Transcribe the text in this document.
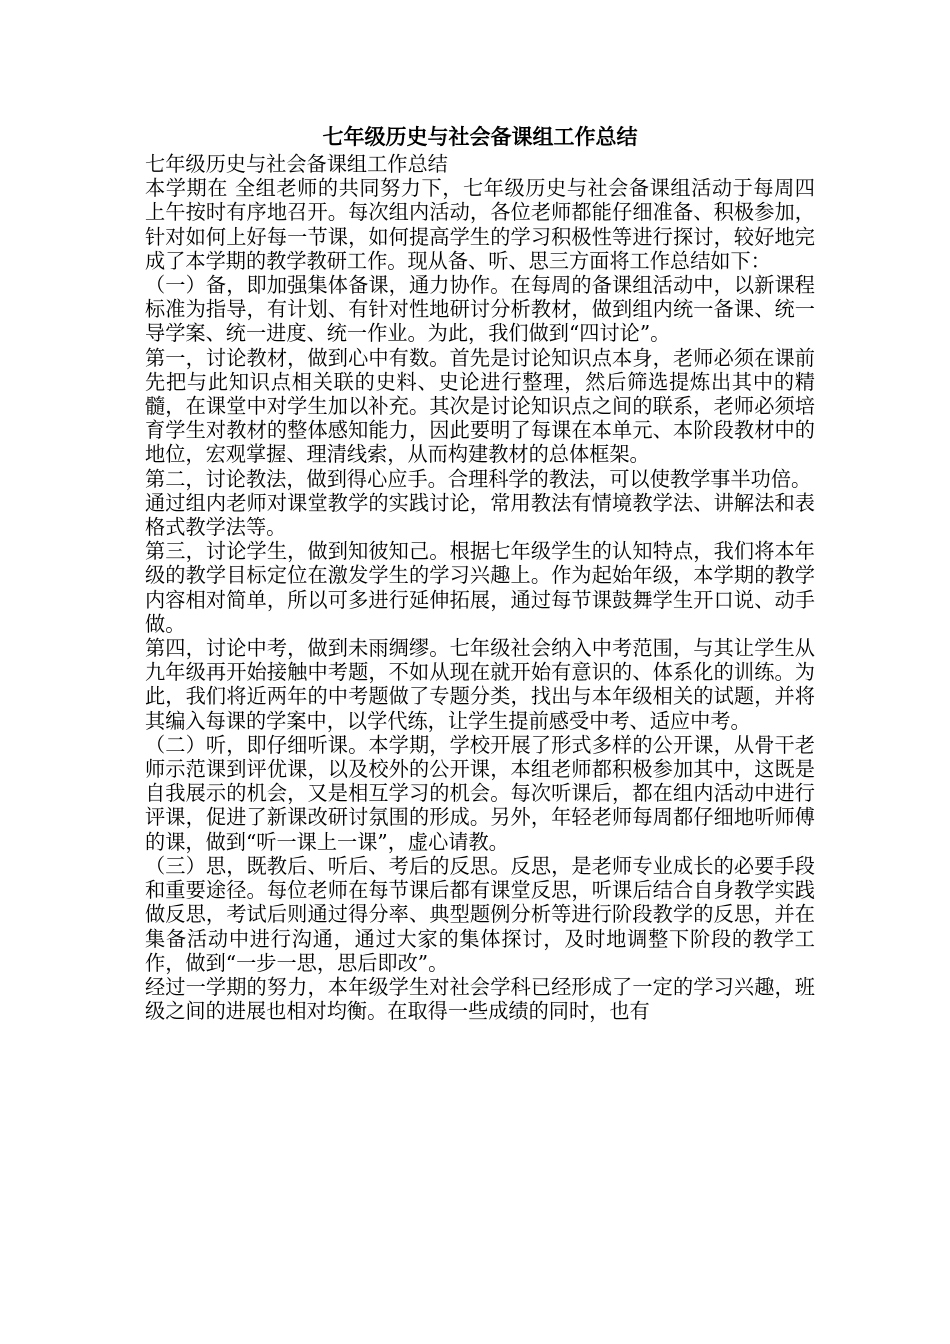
七年级历史与社会备课组工作总结

七年级历史与社会备课组工作总结

本学期在 全组老师的共同努力下，七年级历史与社会备课组活动于每周四上午按时有序地召开。每次组内活动，各位老师都能仔细准备、积极参加，针对如何上好每一节课，如何提高学生的学习积极性等进行探讨，较好地完成了本学期的教学教研工作。现从备、听、思三方面将工作总结如下：

（一）备，即加强集体备课，通力协作。在每周的备课组活动中，以新课程标准为指导，有计划、有针对性地研讨分析教材，做到组内统一备课、统一导学案、统一进度、统一作业。为此，我们做到“四讨论”。

第一，讨论教材，做到心中有数。首先是讨论知识点本身，老师必须在课前先把与此知识点相关联的史料、史论进行整理，然后筛选提炼出其中的精髓，在课堂中对学生加以补充。其次是讨论知识点之间的联系，老师必须培育学生对教材的整体感知能力，因此要明了每课在本单元、本阶段教材中的地位，宏观掌握、理清线索，从而构建教材的总体框架。

第二，讨论教法，做到得心应手。合理科学的教法，可以使教学事半功倍。

通过组内老师对课堂教学的实践讨论，常用教法有情境教学法、讲解法和表格式教学法等。

第三，讨论学生，做到知彼知己。根据七年级学生的认知特点，我们将本年级的教学目标定位在激发学生的学习兴趣上。作为起始年级，本学期的教学内容相对简单，所以可多进行延伸拓展，通过每节课鼓舞学生开口说、动手做。

第四，讨论中考，做到未雨绸缪。七年级社会纳入中考范围，与其让学生从九年级再开始接触中考题，不如从现在就开始有意识的、体系化的训练。为此，我们将近两年的中考题做了专题分类，找出与本年级相关的试题，并将其编入每课的学案中，以学代练，让学生提前感受中考、适应中考。

（二）听，即仔细听课。本学期，学校开展了形式多样的公开课，从骨干老师示范课到评优课，以及校外的公开课，本组老师都积极参加其中，这既是自我展示的机会，又是相互学习的机会。每次听课后，都在组内活动中进行评课，促进了新课改研讨氛围的形成。另外，年轻老师每周都仔细地听师傅的课，做到“听一课上一课”，虚心请教。

（三）思，既教后、听后、考后的反思。反思，是老师专业成长的必要手段和重要途径。每位老师在每节课后都有课堂反思，听课后结合自身教学实践做反思，考试后则通过得分率、典型题例分析等进行阶段教学的反思，并在集备活动中进行沟通，通过大家的集体探讨，及时地调整下阶段的教学工作，做到“一步一思，思后即改”。

经过一学期的努力，本年级学生对社会学科已经形成了一定的学习兴趣，班级之间的进展也相对均衡。在取得一些成绩的同时，也有
